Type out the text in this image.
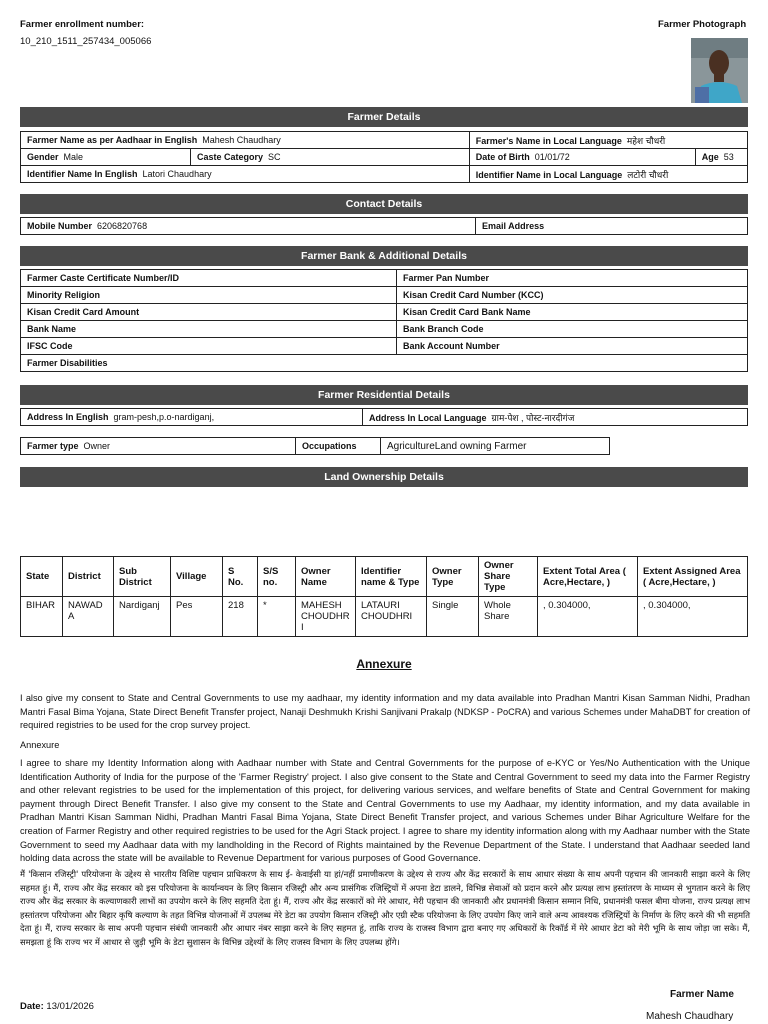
Farmer enrollment number:
10_210_1511_257434_005066
Farmer Photograph
Farmer Details
Farmer Name as per Aadhaar in English Mahesh Chaudhary		Farmer's Name in Local Language महेश चौधरी	
Gender Male	Caste Category SC	Date of Birth 01/01/72	Age 53
Identifier Name In English Latori Chaudhary		Identifier Name in Local Language लटोरी चौधरी	
Contact Details
Mobile Number 6206820768	Email Address
Farmer Bank & Additional Details
Farmer Caste Certificate Number/ID	Farmer Pan Number
Minority Religion	Kisan Credit Card Number (KCC)
Kisan Credit Card Amount	Kisan Credit Card Bank Name
Bank Name	Bank Branch Code
IFSC Code	Bank Account Number
Farmer Disabilities	
Farmer Residential Details
Address In English gram-pesh,p.o-nardiganj,	Address In Local Language ग्राम-पेश , पोस्ट-नारदीगंज
Farmer type Owner	Occupations	AgricultureLand owning Farmer
Land Ownership Details
State	District	Sub District	Village	S No.	S/S no.	Owner Name	Identifier name & Type	Owner Type	Owner Share Type	Extent Total Area ( Acre,Hectare, )	Extent Assigned Area ( Acre,Hectare, )
BIHAR	NAWADA	Nardiganj	Pes	218	*	MAHESH CHOUDHRI	LATAURI CHOUDHRI	Single	Whole Share	, 0.304000,	, 0.304000,
Annexure
I also give my consent to State and Central Governments to use my aadhaar, my identity information and my data available into Pradhan Mantri Kisan Samman Nidhi, Pradhan Mantri Fasal Bima Yojana, State Direct Benefit Transfer project, Nanaji Deshmukh Krishi Sanjivani Prakalp (NDKSP - PoCRA) and various Schemes under MahaDBT for creation of required registries to be used for the crop survey project.
Annexure
I agree to share my Identity Information along with Aadhaar number with State and Central Governments for the purpose of e-KYC or Yes/No Authentication with the Unique Identification Authority of India for the purpose of the 'Farmer Registry' project. I also give consent to the State and Central Government to seed my data into the Farmer Registry and other relevant registries to be used for the implementation of this project, for delivering various services, and welfare benefits of State and Central Government for making payment through Direct Benefit Transfer. I also give my consent to the State and Central Governments to use my Aadhaar, my identity information, and my data available in Pradhan Mantri Kisan Samman Nidhi, Pradhan Mantri Fasal Bima Yojana, State Direct Benefit Transfer project, and various Schemes under Bihar Agriculture Welfare for the creation of Farmer Registry and other required registries to be used for the Agri Stack project. I agree to share my identity information along with my Aadhaar number with the State Government to seed my Aadhaar data with my landholding in the Record of Rights maintained by the Revenue Department of the State. I understand that Aadhaar seeded land holding data across the state will be available to Revenue Department for various purposes of Good Governance.
मैं 'किसान रजिस्ट्री' परियोजना के उद्देश्य से भारतीय विशिष्ट पहचान प्राधिकरण के साथ ई- केवाईसी या हां/नहीं प्रमाणीकरण के उद्देश्य से राज्य और केंद्र सरकारों के साथ आधार संख्या के साथ अपनी पहचान की जानकारी साझा करने के लिए सहमत हूं। मैं, राज्य और केंद्र सरकार को इस परियोजना के कार्यान्वयन के लिए किसान रजिस्ट्री और अन्य प्रासंगिक रजिस्ट्रियों में अपना डेटा डालने, विभिन्न सेवाओं को प्रदान करने और प्रत्यक्ष लाभ हस्तांतरण के माध्यम से भुगतान करने के लिए राज्य और केंद्र सरकार के कल्याणकारी लाभों का उपयोग करने के लिए सहमति देता हूं। मैं, राज्य और केंद्र सरकारों को मेरे आधार, मेरी पहचान की जानकारी और प्रधानमंत्री किसान सम्मान निधि, प्रधानमंत्री फसल बीमा योजना, राज्य प्रत्यक्ष लाभ हस्तांतरण परियोजना और बिहार कृषि कल्याण के तहत विभिन्न योजनाओं में उपलब्ध मेरे डेटा का उपयोग किसान रजिस्ट्री और एग्री स्टैक परियोजना के लिए उपयोग किए जाने वाले अन्य आवश्यक रजिस्ट्रियों के निर्माण के लिए करने की भी सहमति देता हूं। मैं, राज्य सरकार के साथ अपनी पहचान संबंधी जानकारी और आधार नंबर साझा करने के लिए सहमत हूं, ताकि राज्य के राजस्व विभाग द्वारा बनाए गए अधिकारों के रिकॉर्ड में मेरे आधार डेटा को मेरी भूमि के साथ जोड़ा जा सके। मैं, समझता हूं कि राज्य भर में आधार से जुड़ी भूमि के डेटा सुशासन के विभिन्न उद्देश्यों के लिए राजस्व विभाग के लिए उपलब्ध होंगे।
Date: 13/01/2026
Farmer Name
Mahesh Chaudhary
